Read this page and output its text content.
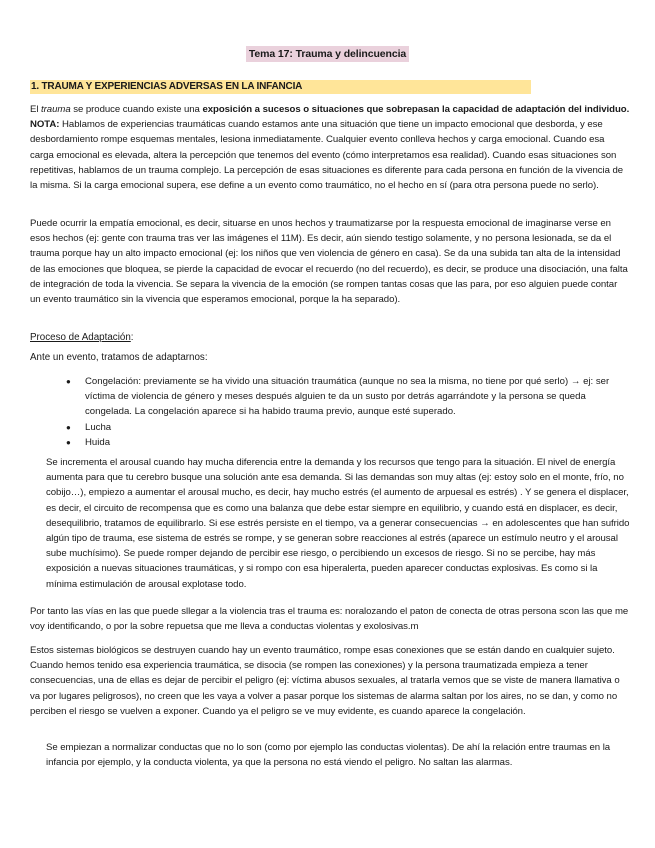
Tema 17: Trauma y delincuencia
1. TRAUMA Y EXPERIENCIAS ADVERSAS EN LA INFANCIA

El trauma se produce cuando existe una exposición a sucesos o situaciones que sobrepasan la capacidad de adaptación del individuo. NOTA: Hablamos de experiencias traumáticas cuando estamos ante una situación que tiene un impacto emocional que desborda, y ese desbordamiento rompe esquemas mentales, lesiona inmediatamente. Cualquier evento conlleva hechos y carga emocional. Cuando esa carga emocional es elevada, altera la percepción que tenemos del evento (cómo interpretamos esa realidad). Cuando esas situaciones son repetitivas, hablamos de un trauma complejo. La percepción de esas situaciones es diferente para cada persona en función de la vivencia de la misma. Si la carga emocional supera, ese define a un evento como traumático, no el hecho en sí (para otra persona puede no serlo).

Puede ocurrir la empatía emocional, es decir, situarse en unos hechos y traumatizarse por la respuesta emocional de imaginarse verse en esos hechos (ej: gente con trauma tras ver las imágenes el 11M). Es decir, aún siendo testigo solamente, y no persona lesionada, se da el trauma porque hay un alto impacto emocional (ej: los niños que ven violencia de género en casa). Se da una subida tan alta de la intensidad de las emociones que bloquea, se pierde la capacidad de evocar el recuerdo (no del recuerdo), es decir, se produce una disociación, una falta de integración de toda la vivencia. Se separa la vivencia de la emoción (se rompen tantas cosas que las para, por eso alguien puede contar un evento traumático sin la vivencia que esperamos emocional, porque la ha separado).

Proceso de Adaptación:
Ante un evento, tratamos de adaptarnos:
● Congelación: previamente se ha vivido una situación traumática (aunque no sea la misma, no tiene por qué serlo) → ej: ser víctima de violencia de género y meses después alguien te da un susto por detrás agarrándote y la persona se queda congelada. La congelación aparece si ha habido trauma previo, aunque esté superado.
● Lucha
● Huida

Se incrementa el arousal cuando hay mucha diferencia entre la demanda y los recursos que tengo para la situación. El nivel de energía aumenta para que tu cerebro busque una solución ante esa demanda. Si las demandas son muy altas (ej: estoy solo en el monte, frío, no cobijo…), empiezo a aumentar el arousal mucho, es decir, hay mucho estrés (el aumento de arpuesal es estrés) . Y se genera el displacer, es decir, el circuito de recompensa que es como una balanza que debe estar siempre en equilibrio, y cuando está en displacer, es decir, desequilibrio, tratamos de equilibrarlo. Si ese estrés persiste en el tiempo, va a generar consecuencias → en adolescentes que han sufrido algún tipo de trauma, ese sistema de estrés se rompe, y se generan sobre reacciones al estrés (aparece un estímulo neutro y el arousal sube muchísimo). Se puede romper dejando de percibir ese riesgo, o percibiendo un excesos de riesgo. Si no se percibe, hay más exposición a nuevas situaciones traumáticas, y si rompo con esa hiperalerta, pueden aparecer conductas explosivas. Es como si la mínima estimulación de arousal explotase todo.

Por tanto las vías en las que puede sllegar a la violencia tras el trauma es: noralozando el paton de conecta de otras persona scon las que me voy identificando, o por la sobre repuetsa que me lleva a conductas violentas y exolosivas.m

Estos sistemas biológicos se destruyen cuando hay un evento traumático, rompe esas conexiones que se están dando en cualquier sujeto. Cuando hemos tenido esa experiencia traumática, se disocia (se rompen las conexiones) y la persona traumatizada empieza a tener consecuencias, una de ellas es dejar de percibir el peligro (ej: víctima abusos sexuales, al tratarla vemos que se viste de manera llamativa o va por lugares peligrosos), no creen que les vaya a volver a pasar porque los sistemas de alarma saltan por los aires, no se dan, y como no perciben el riesgo se vuelven a exponer. Cuando ya el peligro se ve muy evidente, es cuando aparece la congelación.

Se empiezan a normalizar conductas que no lo son (como por ejemplo las conductas violentas). De ahí la relación entre traumas en la infancia por ejemplo, y la conducta violenta, ya que la persona no está viendo el peligro. No saltan las alarmas.
